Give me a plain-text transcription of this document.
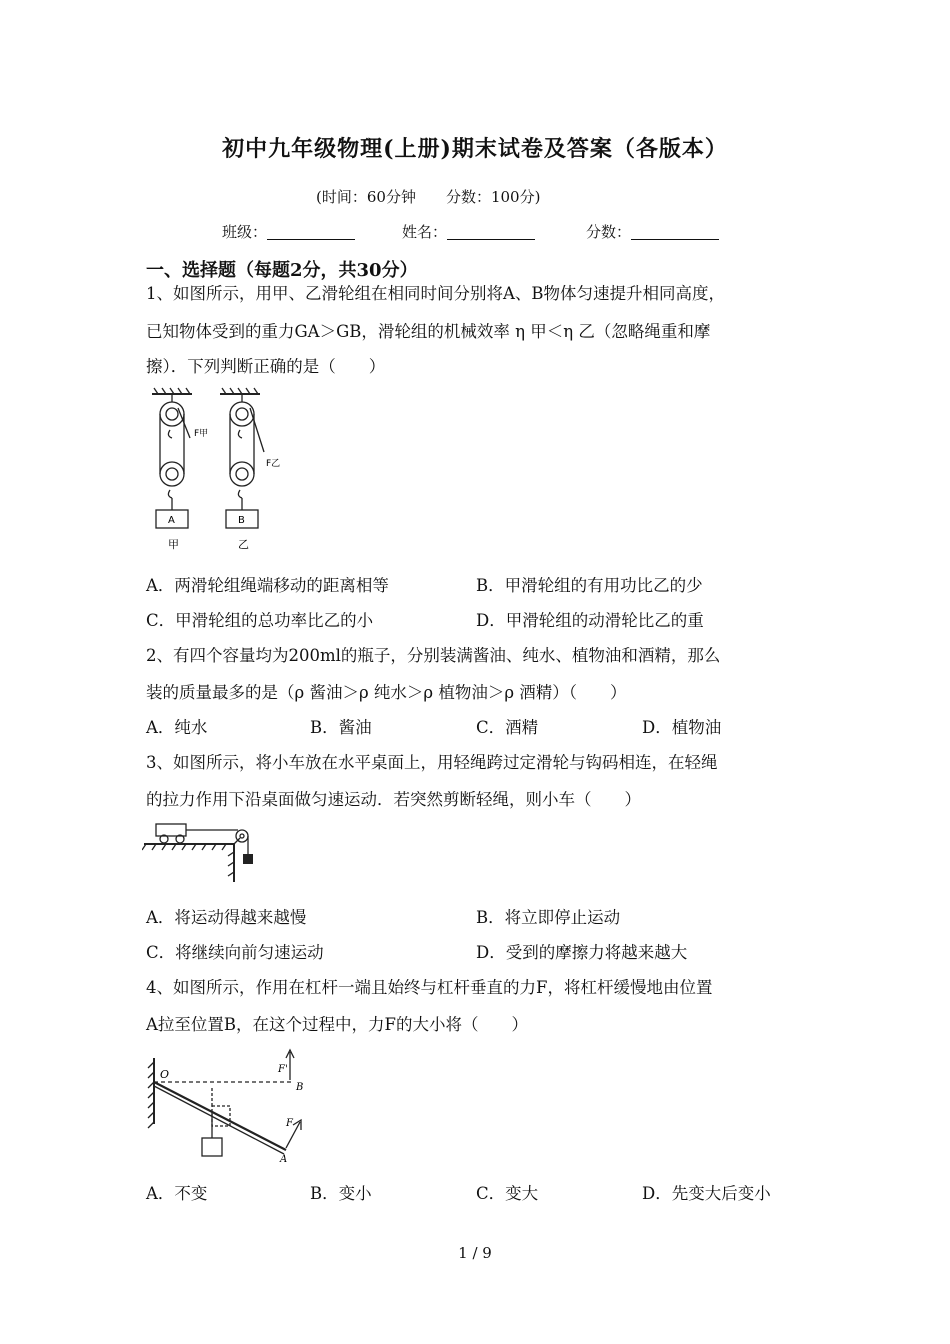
初中九年级物理(上册)期末试卷及答案（各版本）
(时间：60分钟　　分数：100分)
班级：	姓名：	分数：
一、选择题（每题2分，共30分）
1、如图所示，用甲、乙滑轮组在相同时间分别将A、B物体匀速提升相同高度，
已知物体受到的重力GA＞GB，滑轮组的机械效率 η 甲＜η 乙（忽略绳重和摩
擦）．下列判断正确的是（　　）
F甲
F乙
A	B
甲	乙
A．两滑轮组绳端移动的距离相等	B．甲滑轮组的有用功比乙的少
C．甲滑轮组的总功率比乙的小	D．甲滑轮组的动滑轮比乙的重
2、有四个容量均为200ml的瓶子，分别装满酱油、纯水、植物油和酒精，那么
装的质量最多的是（ρ 酱油＞ρ 纯水＞ρ 植物油＞ρ 酒精）（　　）
A．纯水	B．酱油	C．酒精	D．植物油
3、如图所示，将小车放在水平桌面上，用轻绳跨过定滑轮与钩码相连，在轻绳
的拉力作用下沿桌面做匀速运动．若突然剪断轻绳，则小车（　　）
A．将运动得越来越慢	B．将立即停止运动
C．将继续向前匀速运动	D．受到的摩擦力将越来越大
4、如图所示，作用在杠杆一端且始终与杠杆垂直的力F，将杠杆缓慢地由位置
A拉至位置B，在这个过程中，力F的大小将（　　）
O	F'
B
F
A
A．不变	B．变小	C．变大	D．先变大后变小
1 / 9
